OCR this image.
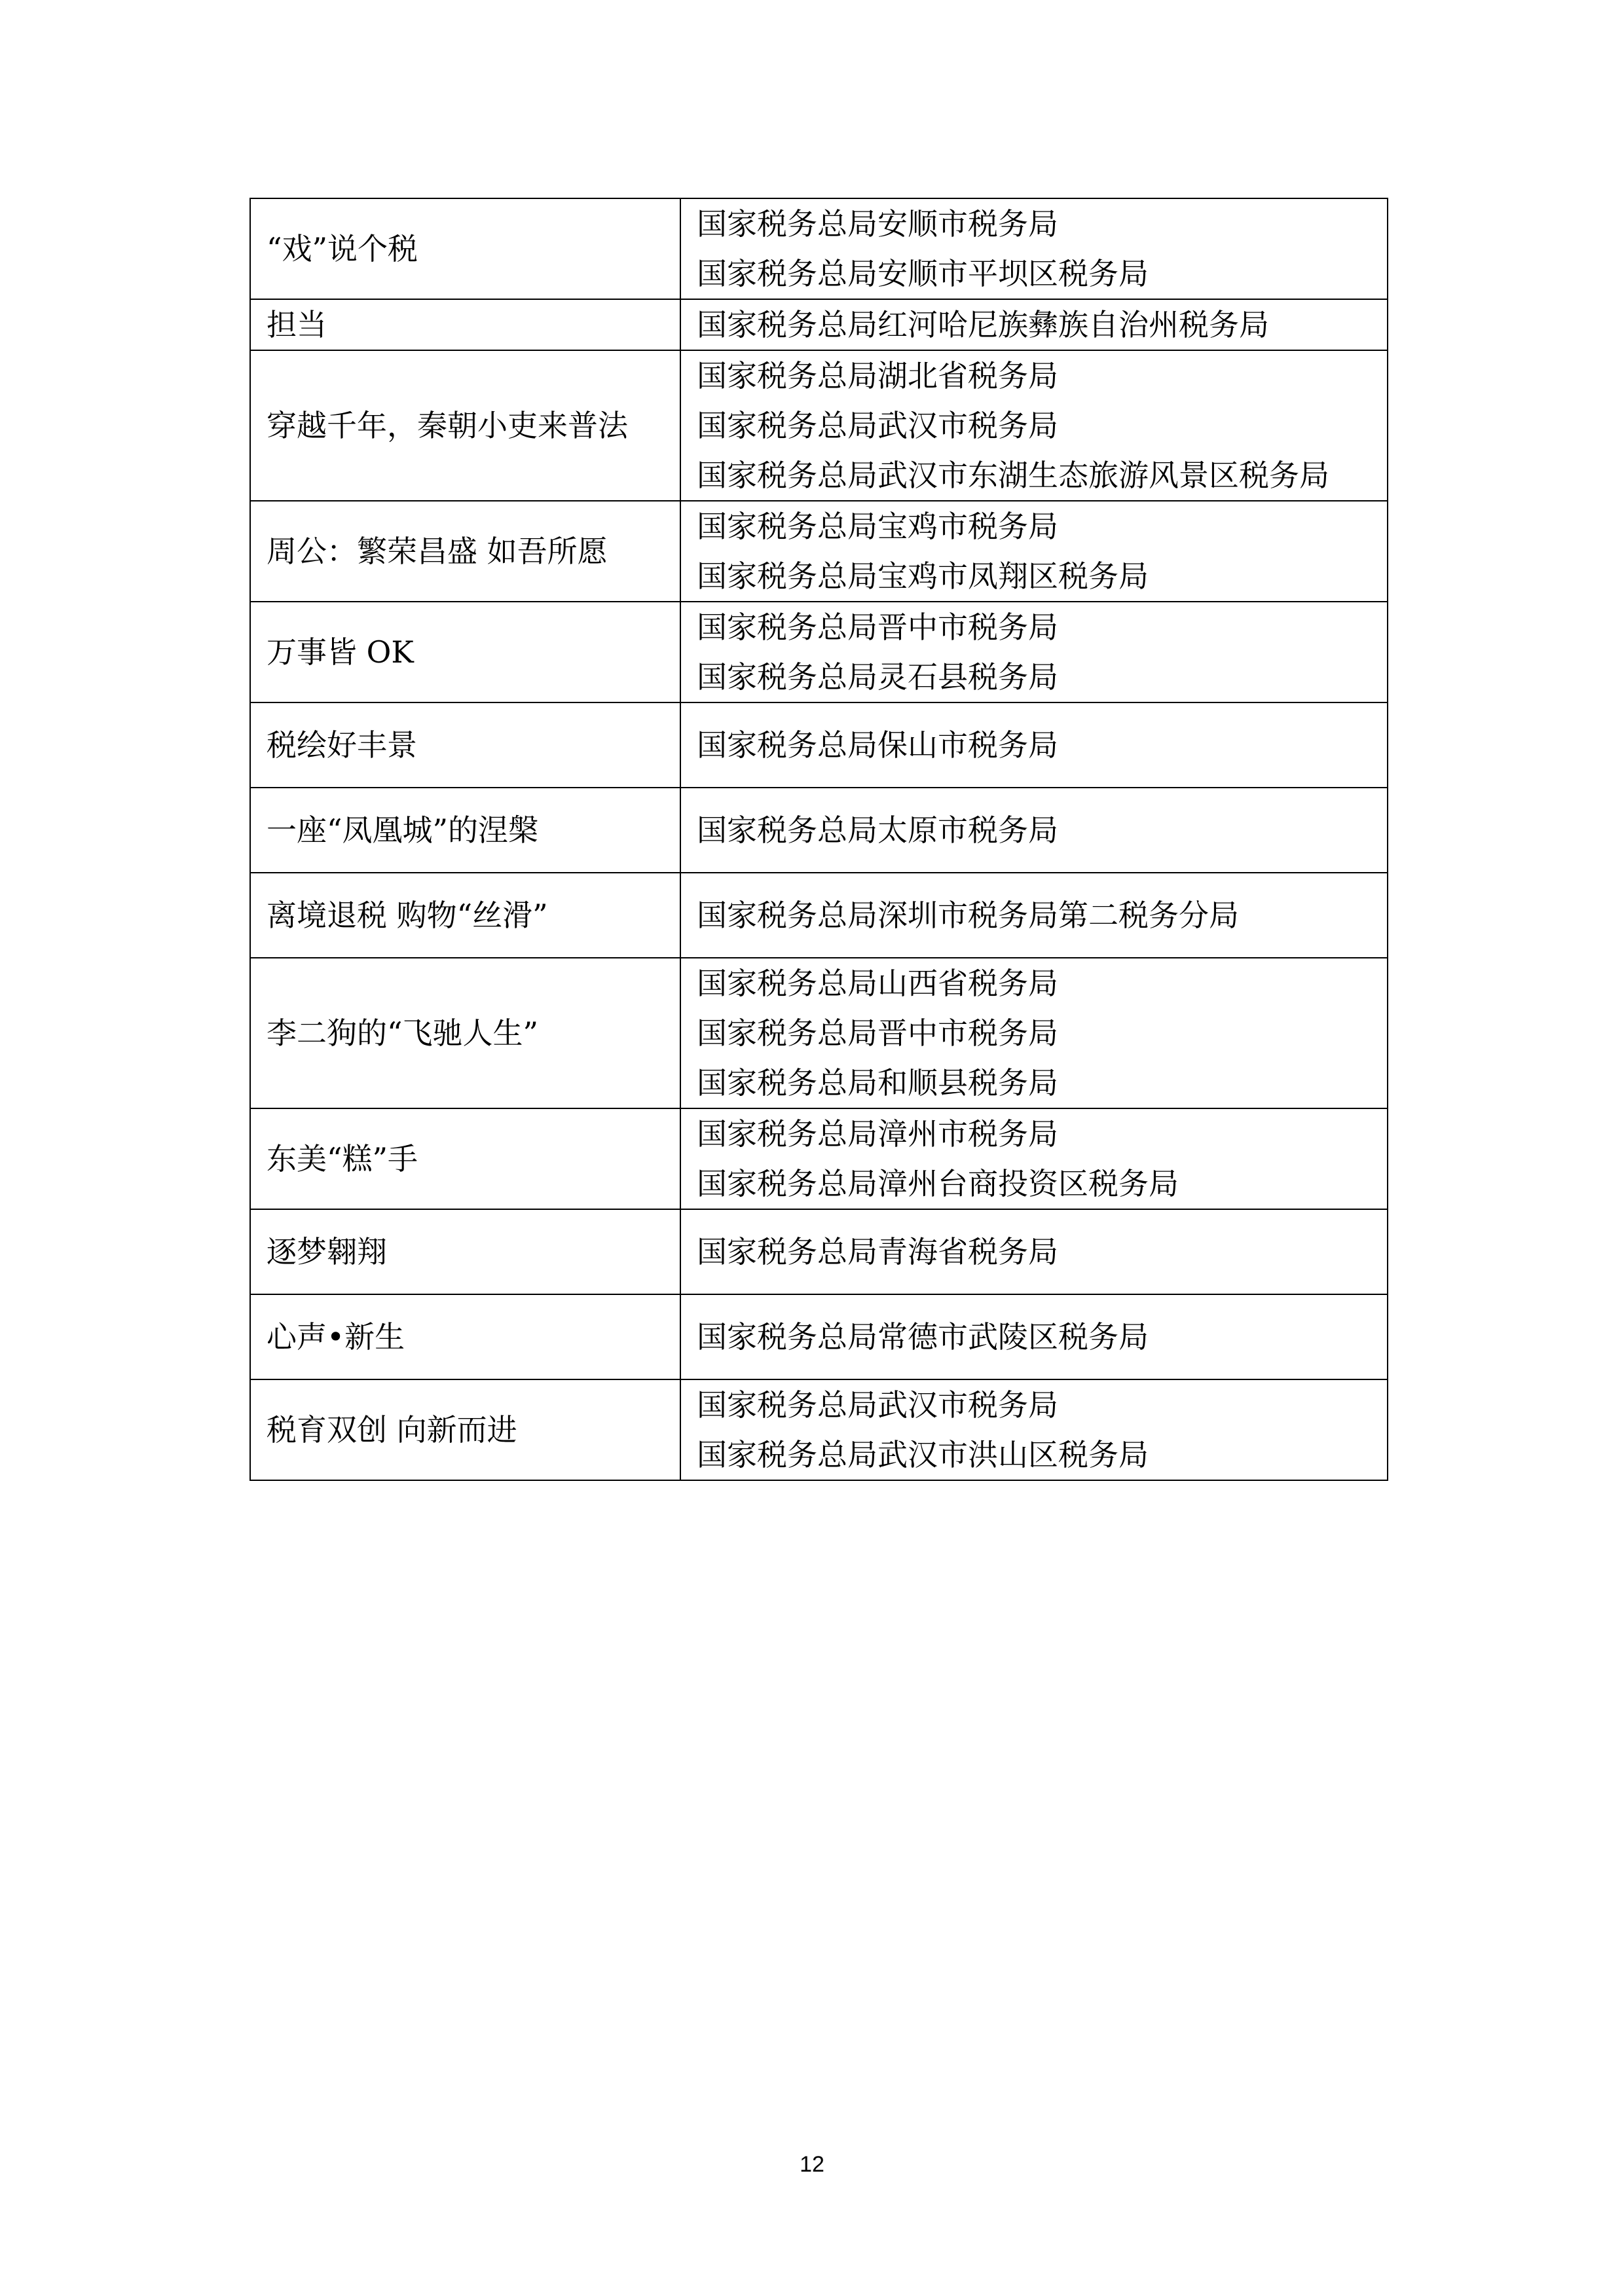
“戏”说个税	国家税务总局安顺市税务局
国家税务总局安顺市平坝区税务局

担当	国家税务总局红河哈尼族彝族自治州税务局

穿越千年，秦朝小吏来普法	国家税务总局湖北省税务局
国家税务总局武汉市税务局
国家税务总局武汉市东湖生态旅游风景区税务局

周公：繁荣昌盛 如吾所愿	国家税务总局宝鸡市税务局
国家税务总局宝鸡市凤翔区税务局

万事皆 OK	国家税务总局晋中市税务局
国家税务总局灵石县税务局

税绘好丰景	国家税务总局保山市税务局

一座“凤凰城”的涅槃	国家税务总局太原市税务局

离境退税 购物“丝滑”	国家税务总局深圳市税务局第二税务分局

李二狗的“飞驰人生”	国家税务总局山西省税务局
国家税务总局晋中市税务局
国家税务总局和顺县税务局

东美“糕”手	国家税务总局漳州市税务局
国家税务总局漳州台商投资区税务局

逐梦翱翔	国家税务总局青海省税务局

心声•新生	国家税务总局常德市武陵区税务局

税育双创 向新而进	国家税务总局武汉市税务局
国家税务总局武汉市洪山区税务局
12
